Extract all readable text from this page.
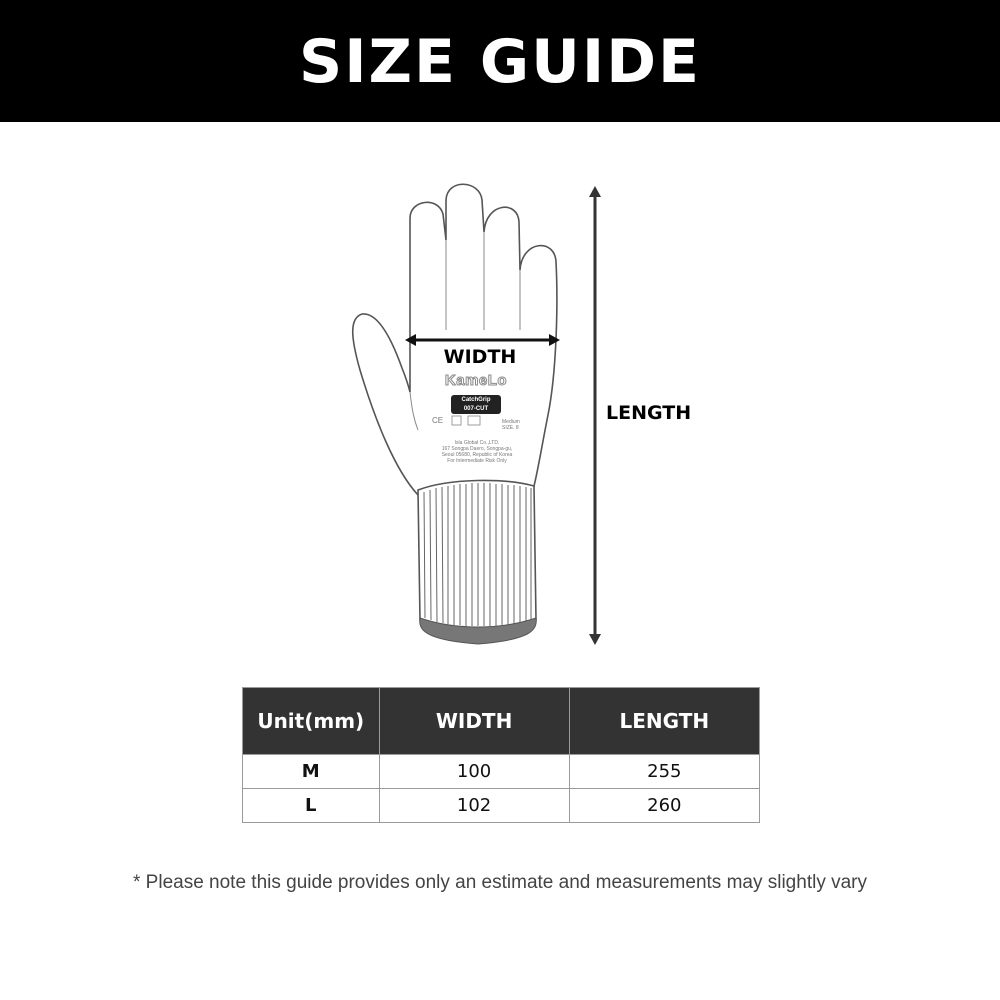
SIZE GUIDE
WIDTH
LENGTH
KameLo
CatchGrip
007-CUT
CE	Medium
SIZE. 8
Isla Global Co.,LTD.
167 Songpa Daero, Songpa-gu,
Seoul 05680, Republic of Korea
For Intermediate Risk Only
Unit(mm)	WIDTH	LENGTH
M	100	255
L	102	260
* Please note this guide provides only an estimate and measurements may slightly vary
